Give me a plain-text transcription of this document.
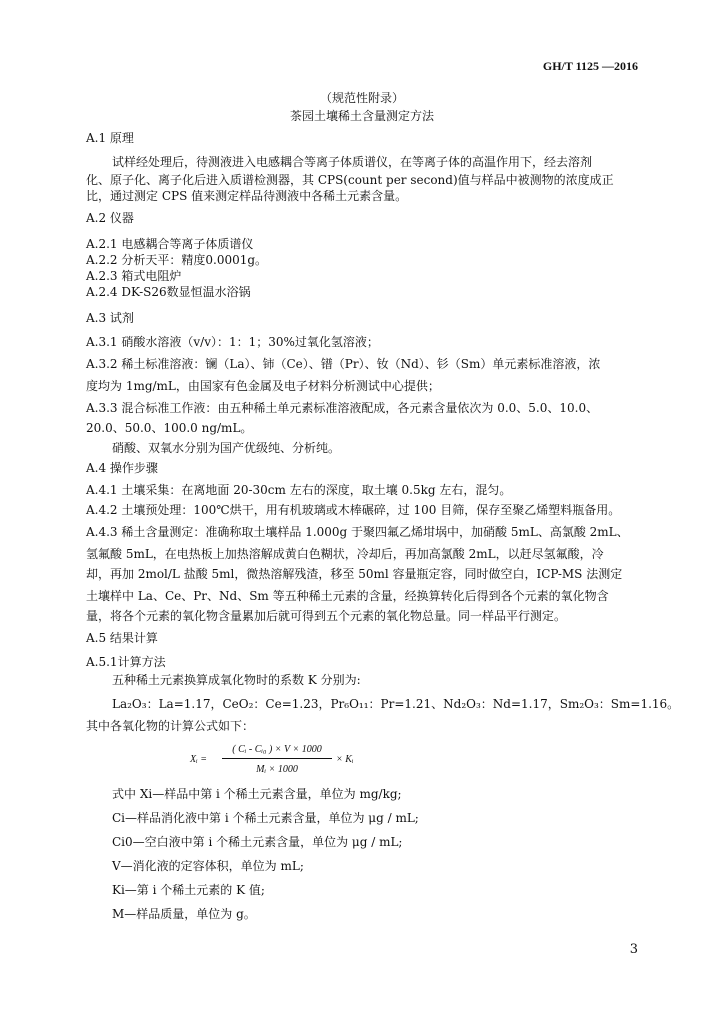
GH/T 1125 —2016
（规范性附录）
茶园土壤稀土含量测定方法
A.1 原理
试样经处理后，待测液进入电感耦合等离子体质谱仪，在等离子体的高温作用下，经去溶剂
化、原子化、离子化后进入质谱检测器，其 CPS(count per second)值与样品中被测物的浓度成正
比，通过测定 CPS 值来测定样品待测液中各稀土元素含量。
A.2 仪器
A.2.1 电感耦合等离子体质谱仪
A.2.2 分析天平：精度0.0001g。
A.2.3 箱式电阻炉
A.2.4 DK-S26数显恒温水浴锅
A.3 试剂
A.3.1 硝酸水溶液（v/v）：1：1；30%过氧化氢溶液；
A.3.2 稀土标准溶液：镧（La）、铈（Ce）、镨（Pr）、钕（Nd）、钐（Sm）单元素标准溶液，浓
度均为 1mg/mL，由国家有色金属及电子材料分析测试中心提供；
A.3.3 混合标准工作液：由五种稀土单元素标准溶液配成，各元素含量依次为 0.0、5.0、10.0、
20.0、50.0、100.0 ng/mL。
硝酸、双氧水分别为国产优级纯、分析纯。
A.4 操作步骤
A.4.1 土壤采集：在离地面 20-30cm 左右的深度，取土壤 0.5kg 左右，混匀。
A.4.2 土壤预处理：100℃烘干，用有机玻璃或木棒碾碎，过 100 目筛，保存至聚乙烯塑料瓶备用。
A.4.3 稀土含量测定：准确称取土壤样品 1.000g 于聚四氟乙烯坩埚中，加硝酸 5mL、高氯酸 2mL、
氢氟酸 5mL，在电热板上加热溶解成黄白色糊状，冷却后，再加高氯酸 2mL，以赶尽氢氟酸，冷
却，再加 2mol/L 盐酸 5ml，微热溶解残渣，移至 50ml 容量瓶定容，同时做空白，ICP-MS 法测定
土壤样中 La、Ce、Pr、Nd、Sm 等五种稀土元素的含量，经换算转化后得到各个元素的氧化物含
量，将各个元素的氧化物含量累加后就可得到五个元素的氧化物总量。同一样品平行测定。
A.5 结果计算
A.5.1计算方法
五种稀土元素换算成氧化物时的系数 K 分别为:
La₂O₃：La=1.17，CeO₂：Ce=1.23，Pr₆O₁₁：Pr=1.21、Nd₂O₃：Nd=1.17，Sm₂O₃：Sm=1.16。
其中各氧化物的计算公式如下：
Xᵢ =
( Cᵢ - Cᵢ₀ ) × V × 1000
Mᵢ × 1000
× Kᵢ
式中 Xi—样品中第 i 个稀土元素含量，单位为 mg/kg;
Ci—样品消化液中第 i 个稀土元素含量，单位为 μg / mL;
Ci0—空白液中第 i 个稀土元素含量，单位为 μg / mL;
V—消化液的定容体积，单位为 mL;
Ki—第 i 个稀土元素的 K 值;
M—样品质量，单位为 g。
3
